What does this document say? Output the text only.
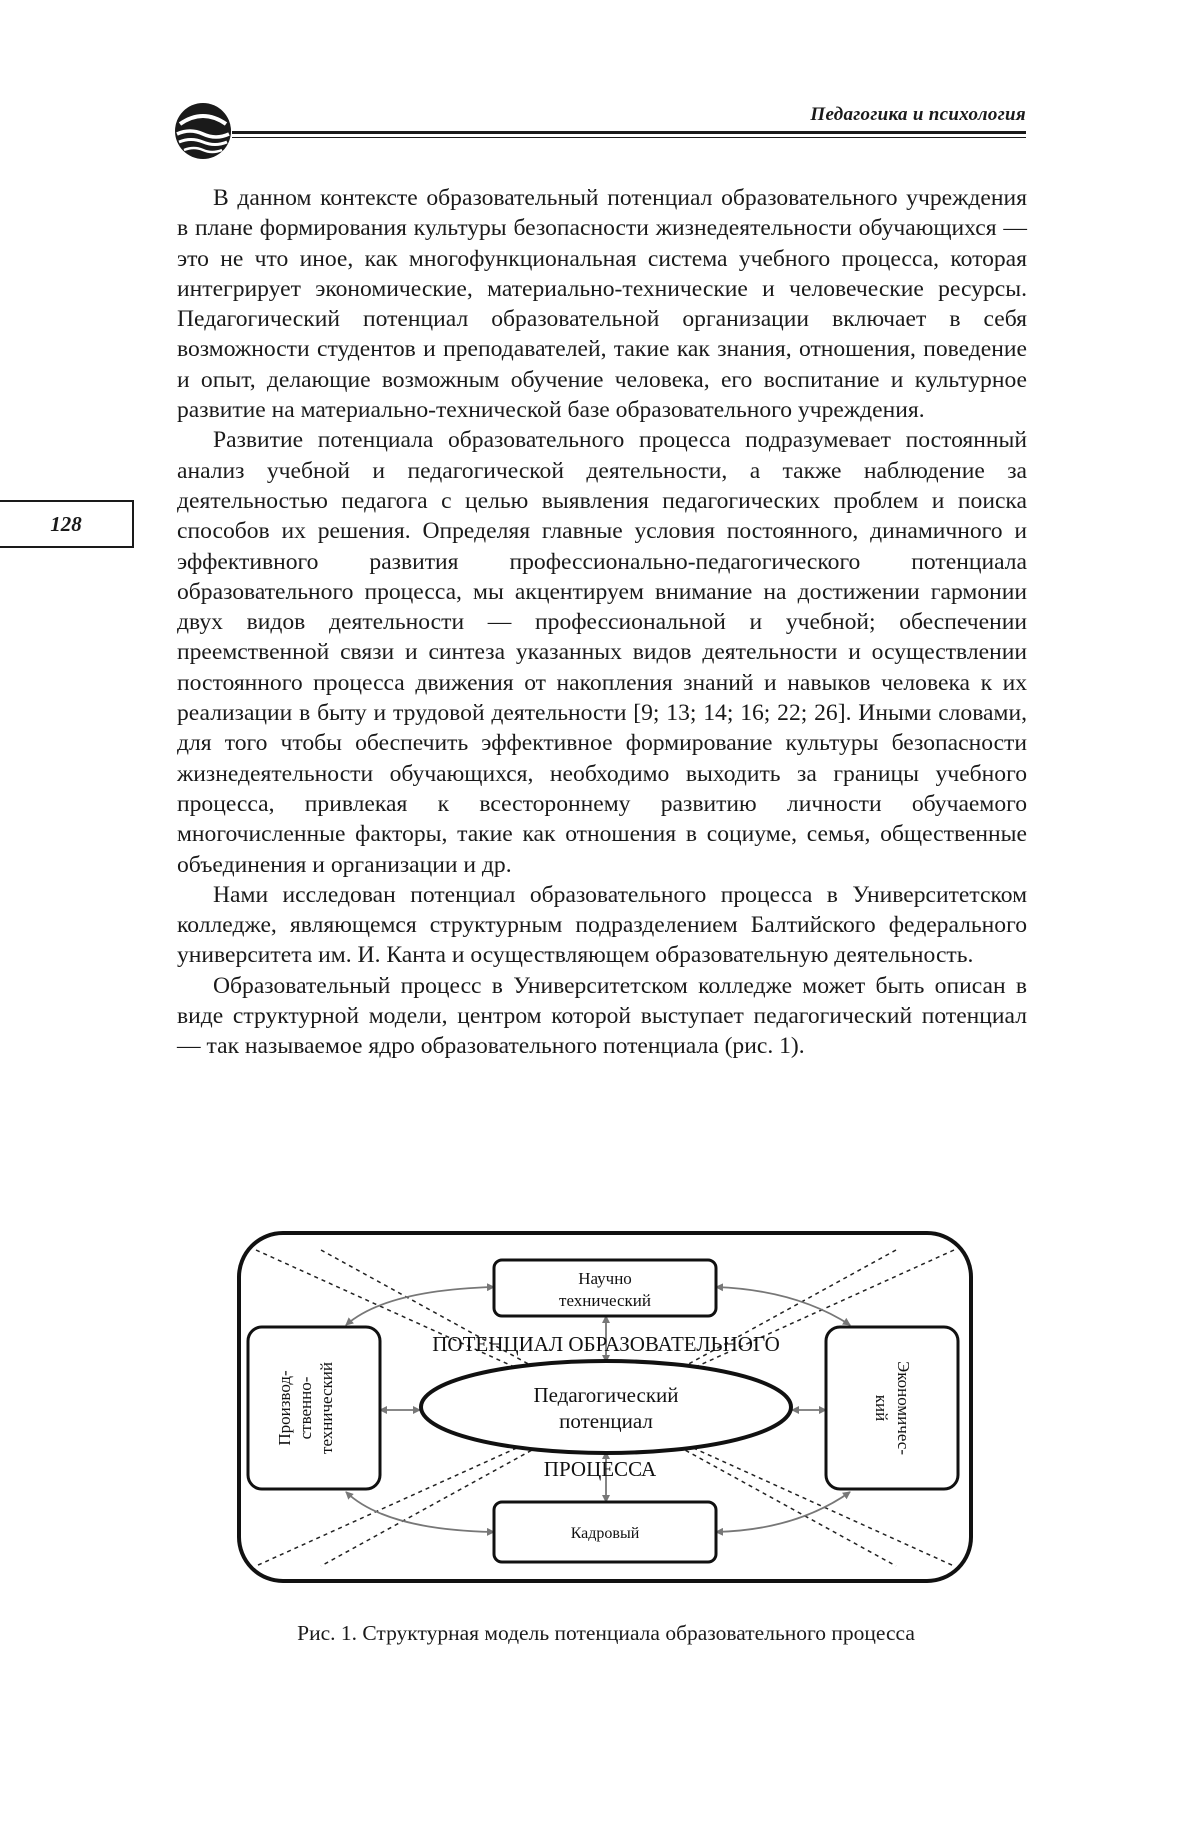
Педагогика и психология
128

В данном контексте образовательный потенциал образовательного учреждения в плане формирования культуры безопасности жизнедеятельности обучающихся — это не что иное, как многофункциональная система учебного процесса, которая интегрирует экономические, материально-технические и человеческие ресурсы. Педагогический потенциал образовательной организации включает в себя возможности студентов и преподавателей, такие как знания, отношения, поведение и опыт, делающие возможным обучение человека, его воспитание и культурное развитие на материально-технической базе образовательного учреждения.

Развитие потенциала образовательного процесса подразумевает постоянный анализ учебной и педагогической деятельности, а также наблюдение за деятельностью педагога с целью выявления педагогических проблем и поиска способов их решения. Определяя главные условия постоянного, динамичного и эффективного развития профессионально-педагогического потенциала образовательного процесса, мы акцентируем внимание на достижении гармонии двух видов деятельности — профессиональной и учебной; обеспечении преемственной связи и синтеза указанных видов деятельности и осуществлении постоянного процесса движения от накопления знаний и навыков человека к их реализации в быту и трудовой деятельности [9; 13; 14; 16; 22; 26]. Иными словами, для того чтобы обеспечить эффективное формирование культуры безопасности жизнедеятельности обучающихся, необходимо выходить за границы учебного процесса, привлекая к всестороннему развитию личности обучаемого многочисленные факторы, такие как отношения в социуме, семья, общественные объединения и организации и др.

Нами исследован потенциал образовательного процесса в Университетском колледже, являющемся структурным подразделением Балтийского федерального университета им. И. Канта и осуществляющем образовательную деятельность.

Образовательный процесс в Университетском колледже может быть описан в виде структурной модели, центром которой выступает педагогический потенциал — так называемое ядро образовательного потенциала (рис. 1).

ПОТЕНЦИАЛ ОБРАЗОВАТЕЛЬНОГО
ПРОЦЕССА
Научно
технический
Кадровый
Производ- ственно- технический	Экономичес-
кий
Педагогический
потенциал
Рис. 1. Структурная модель потенциала образовательного процесса
